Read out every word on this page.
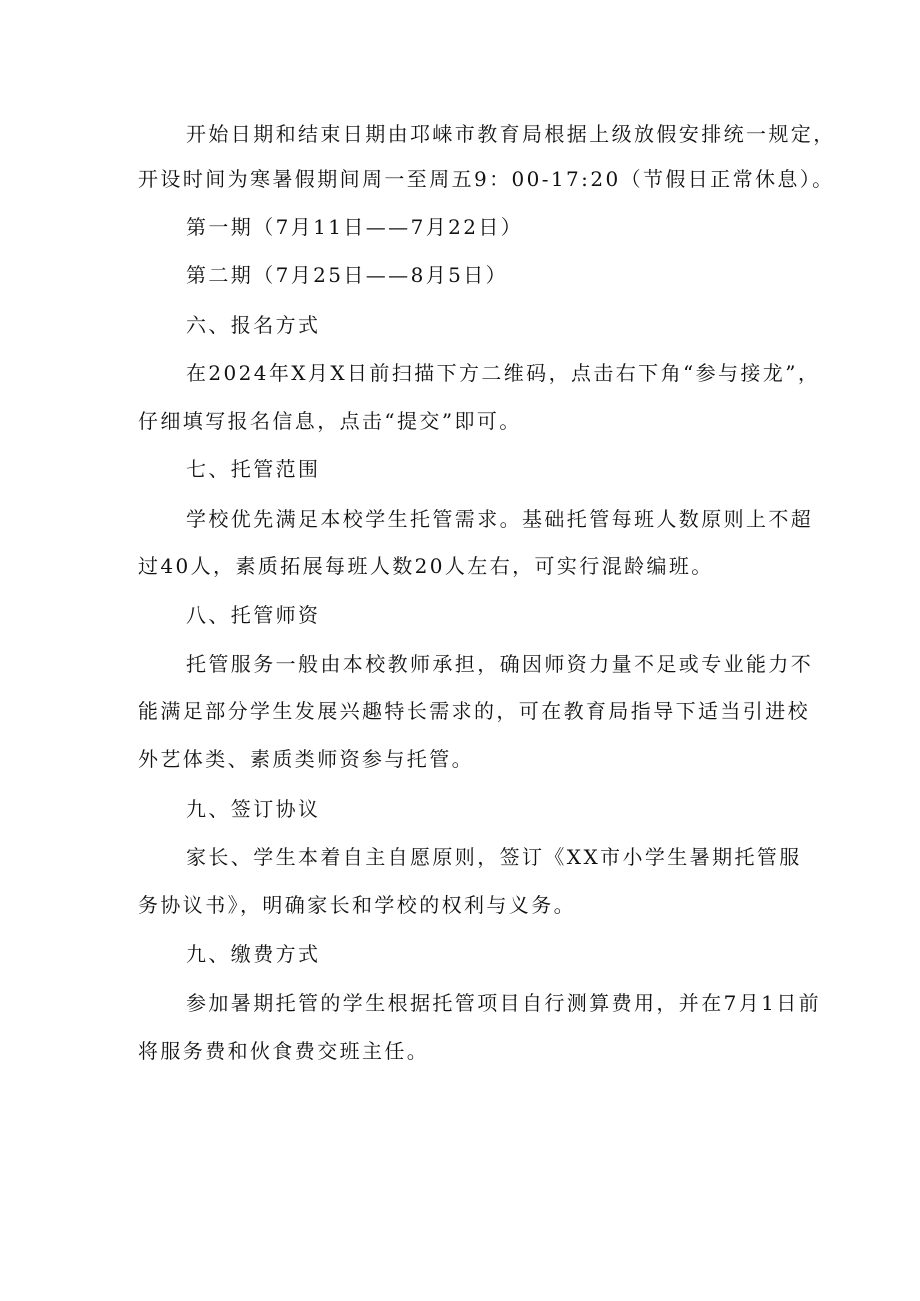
开始日期和结束日期由邛崃市教育局根据上级放假安排统一规定，
开设时间为寒暑假期间周一至周五9：00-17:20（节假日正常休息）。
第一期（7月11日——7月22日）
第二期（7月25日——8月5日）
六、报名方式
在2024年X月X日前扫描下方二维码，点击右下角“参与接龙”，
仔细填写报名信息，点击“提交”即可。
七、托管范围
学校优先满足本校学生托管需求。基础托管每班人数原则上不超
过40人，素质拓展每班人数20人左右，可实行混龄编班。
八、托管师资
托管服务一般由本校教师承担，确因师资力量不足或专业能力不
能满足部分学生发展兴趣特长需求的，可在教育局指导下适当引进校
外艺体类、素质类师资参与托管。
九、签订协议
家长、学生本着自主自愿原则，签订《XX市小学生暑期托管服
务协议书》，明确家长和学校的权利与义务。
九、缴费方式
参加暑期托管的学生根据托管项目自行测算费用，并在7月1日前
将服务费和伙食费交班主任。
